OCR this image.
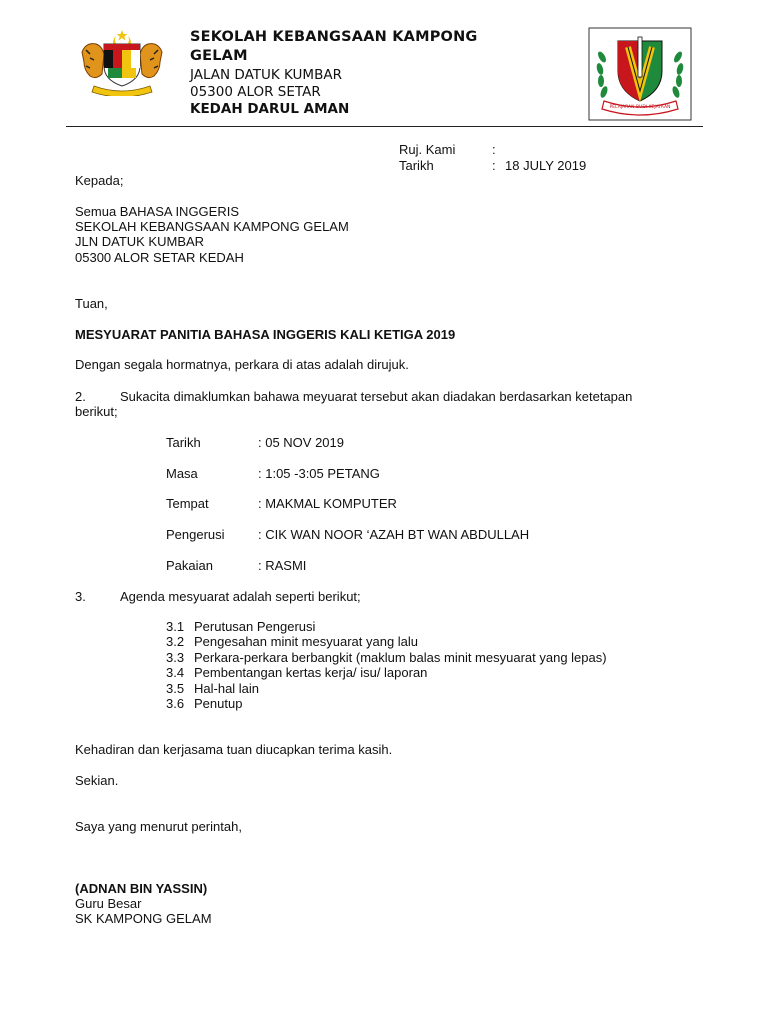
SEKOLAH KEBANGSAAN KAMPONG
GELAM
JALAN DATUK KUMBAR
05300 ALOR SETAR
KEDAH DARUL AMAN	PELAJARAN BUDI KEJAYAAN
Ruj. Kami	:
Tarikh	: 18 JULY 2019
Kepada;
Semua BAHASA INGGERIS
SEKOLAH KEBANGSAAN KAMPONG GELAM
JLN DATUK KUMBAR
05300 ALOR SETAR KEDAH
Tuan,
MESYUARAT PANITIA BAHASA INGGERIS KALI KETIGA 2019
Dengan segala hormatnya, perkara di atas adalah dirujuk.
2.	Sukacita dimaklumkan bahawa meyuarat tersebut akan diadakan berdasarkan ketetapan
berikut;
Tarikh	: 05 NOV 2019
Masa	: 1:05 -3:05 PETANG
Tempat	: MAKMAL KOMPUTER
Pengerusi	: CIK WAN NOOR ‘AZAH BT WAN ABDULLAH
Pakaian	: RASMI
3.	Agenda mesyuarat adalah seperti berikut;
3.1 Perutusan Pengerusi
3.2 Pengesahan minit mesyuarat yang lalu
3.3 Perkara-perkara berbangkit (maklum balas minit mesyuarat yang lepas)
3.4 Pembentangan kertas kerja/ isu/ laporan
3.5 Hal-hal lain
3.6 Penutup
Kehadiran dan kerjasama tuan diucapkan terima kasih.
Sekian.
Saya yang menurut perintah,
(ADNAN BIN YASSIN)
Guru Besar
SK KAMPONG GELAM
